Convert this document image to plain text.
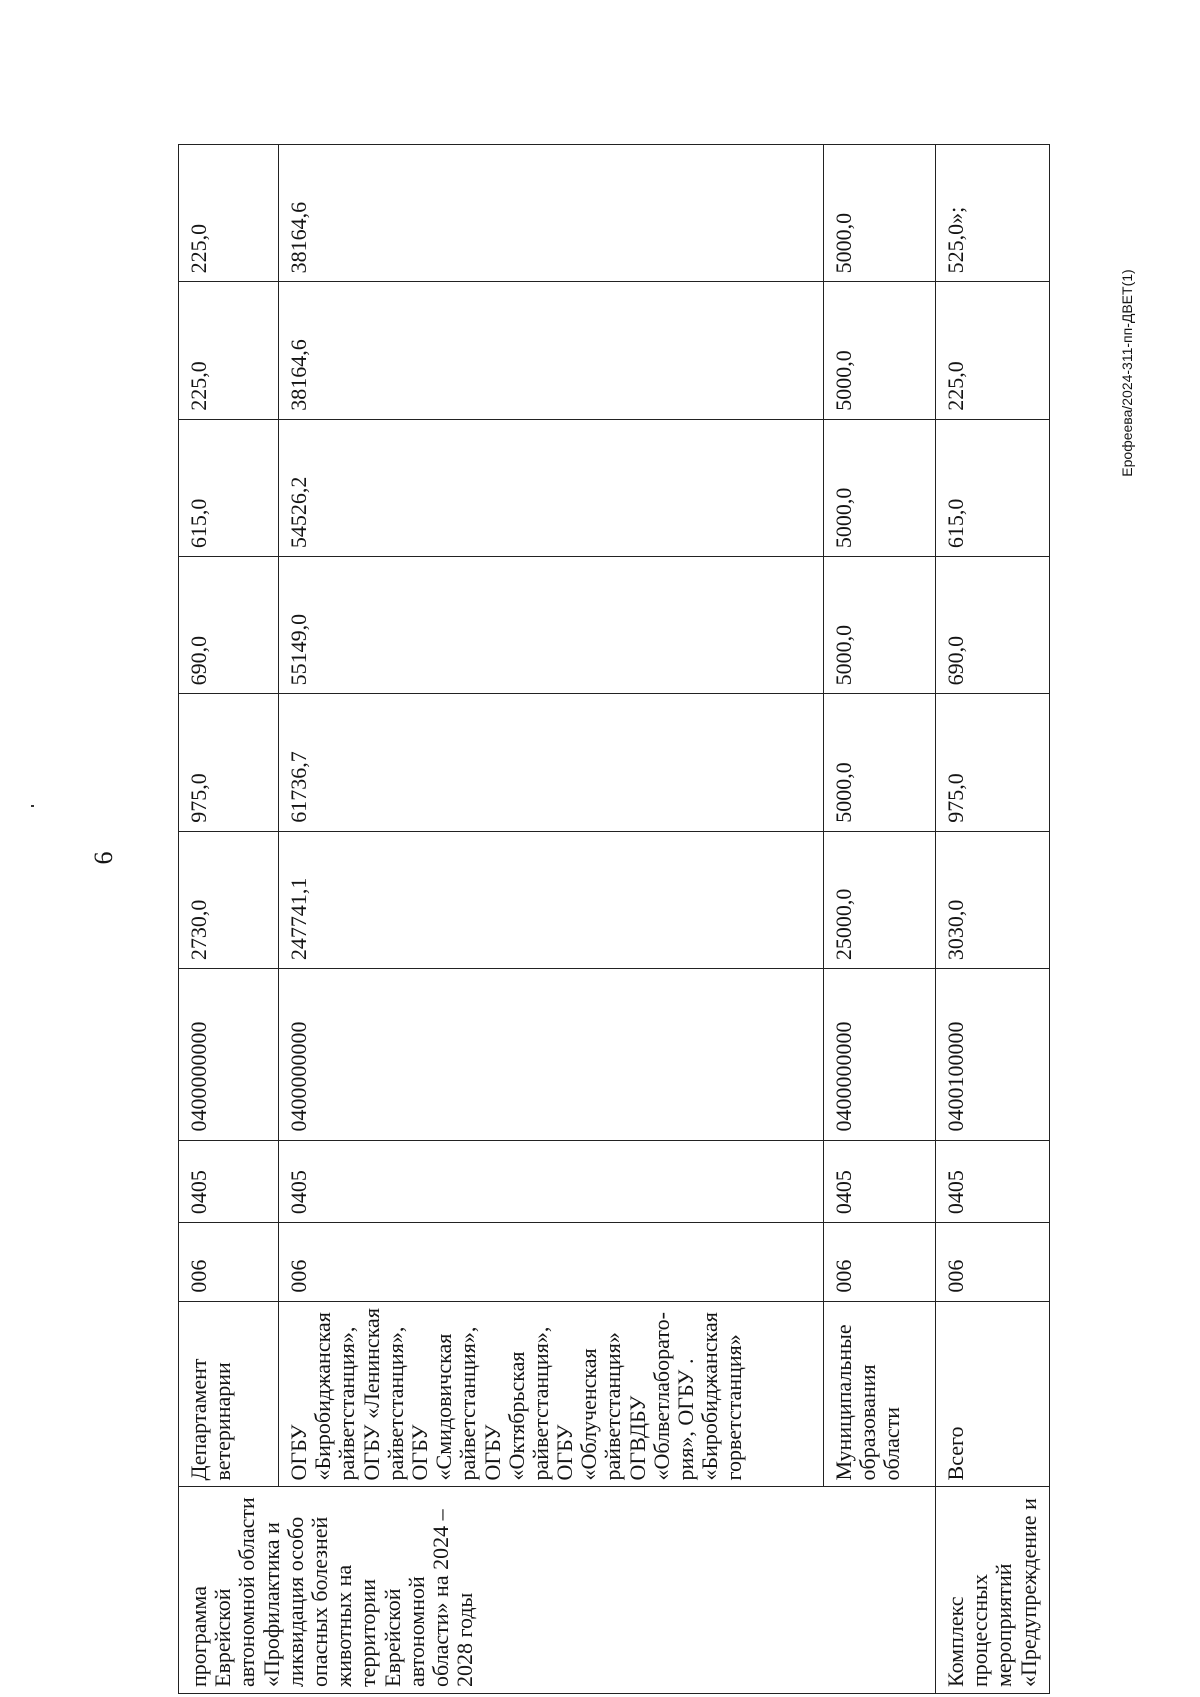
6
Ерофеева/2024-311-пп-ДВЕТ(1)
программа Еврейской автономной области «Профилактика и ликвидация особо опасных болезней животных на территории Еврейской автономной области» на 2024 – 2028 годы	Департамент ветеринарии	006	0405	0400000000	2730,0	975,0	690,0	615,0	225,0	225,0
	ОГБУ «Биробиджанская райветстанция», ОГБУ «Ленинская райветстанция», ОГБУ «Смидовичская райветстанция», ОГБУ «Октябрьская райветстанция», ОГБУ «Облученская райветстанция» ОГВДБУ «Облветлаборато-рия», ОГБУ . «Биробиджанская горветстанция»	006	0405	0400000000	247741,1	61736,7	55149,0	54526,2	38164,6	38164,6
	Муниципальные образования области	006	0405	0400000000	25000,0	5000,0	5000,0	5000,0	5000,0	5000,0
Комплекс процессных мероприятий «Предупреждение и	Всего	006	0405	0400100000	3030,0	975,0	690,0	615,0	225,0	525,0»;
